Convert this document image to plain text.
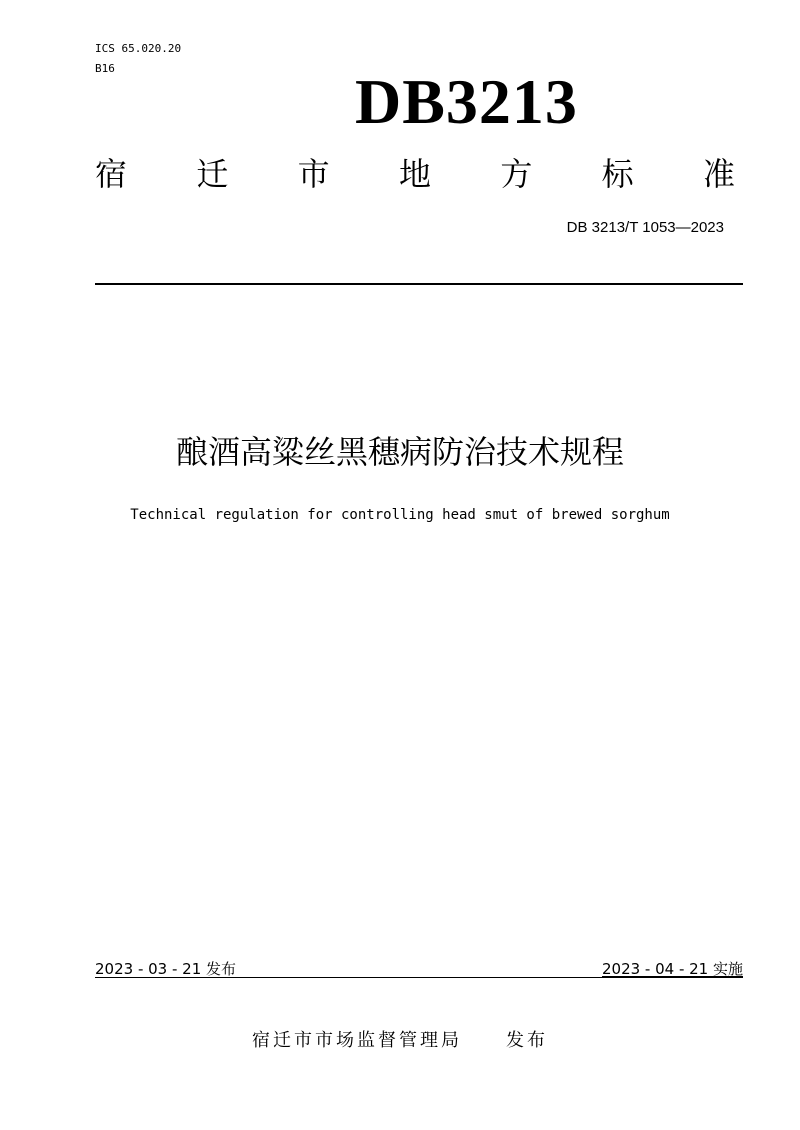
ICS 65.020.20
B16	DB3213
宿 迁 市 地 方 标 准
DB 3213/T 1053—2023
酿酒高粱丝黑穗病防治技术规程
Technical regulation for controlling head smut of brewed sorghum
2023 - 03 - 21 发布	2023 - 04 - 21 实施
宿迁市市场监督管理局 发布
